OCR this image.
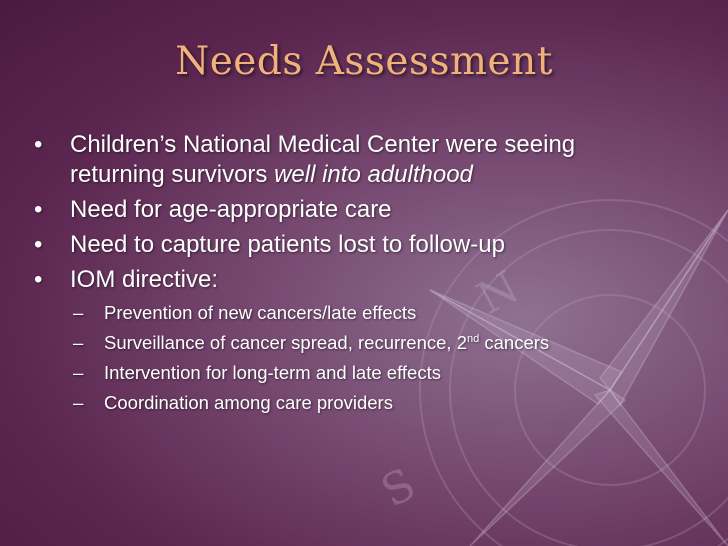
N
S
Needs Assessment
• Children’s National Medical Center were seeing
returning survivors well into adulthood
• Need for age-appropriate care
• Need to capture patients lost to follow-up
• IOM directive:
– Prevention of new cancers/late effects
– Surveillance of cancer spread, recurrence, 2nd cancers
– Intervention for long-term and late effects
– Coordination among care providers
